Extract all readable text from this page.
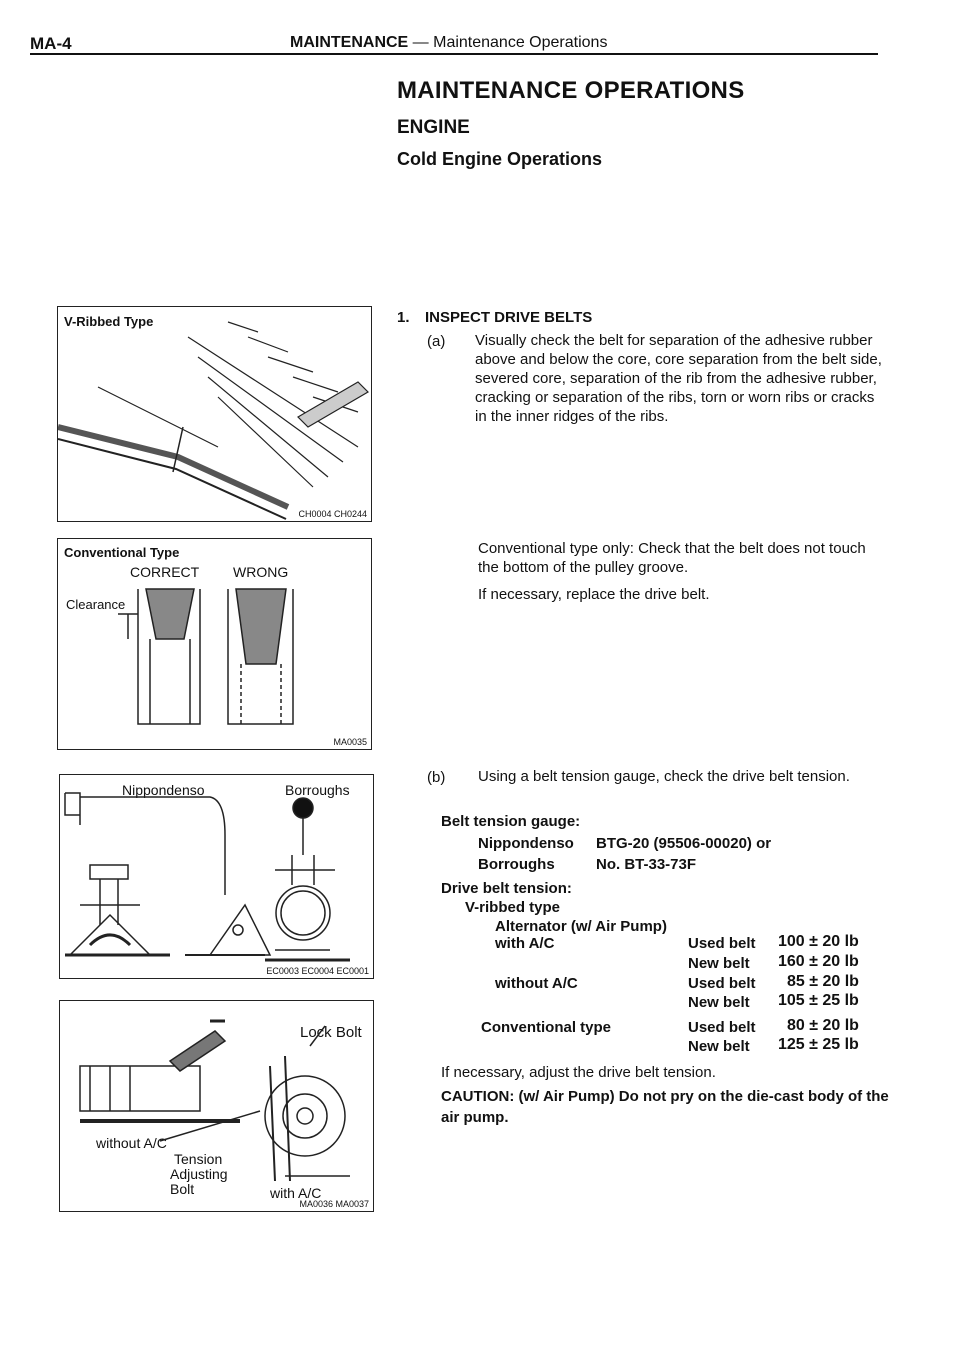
MA-4	MAINTENANCE — Maintenance Operations
MAINTENANCE OPERATIONS
ENGINE
Cold Engine Operations
V-Ribbed Type
CH0004 CH0244
Conventional Type
CORRECT WRONG
Clearance
MA0035
Nippondenso	Borroughs
EC0003 EC0004 EC0001
Lock Bolt
without A/C
Tension
Adjusting
Bolt	with A/C
MA0036 MA0037
1. INSPECT DRIVE BELTS
(a) Visually check the belt for separation of the adhesive rubber above and below the core, core separation from the belt side, severed core, separation of the rib from the adhesive rubber, cracking or separation of the ribs, torn or worn ribs or cracks in the inner ridges of the ribs.
Conventional type only: Check that the belt does not touch the bottom of the pulley groove.
If necessary, replace the drive belt.
(b) Using a belt tension gauge, check the drive belt tension.
Belt tension gauge:
Nippondenso BTG-20 (95506-00020) or
Borroughs	No. BT-33-73F
Drive belt tension:
V-ribbed type
Alternator (w/ Air Pump)
with A/C	Used belt 100 ± 20 lb
New belt 160 ± 20 lb
without A/C	Used belt 85 ± 20 lb
New belt 105 ± 25 lb
Conventional type	Used belt 80 ± 20 lb
New belt 125 ± 25 lb
If necessary, adjust the drive belt tension.
CAUTION: (w/ Air Pump) Do not pry on the die-cast body of the air pump.
